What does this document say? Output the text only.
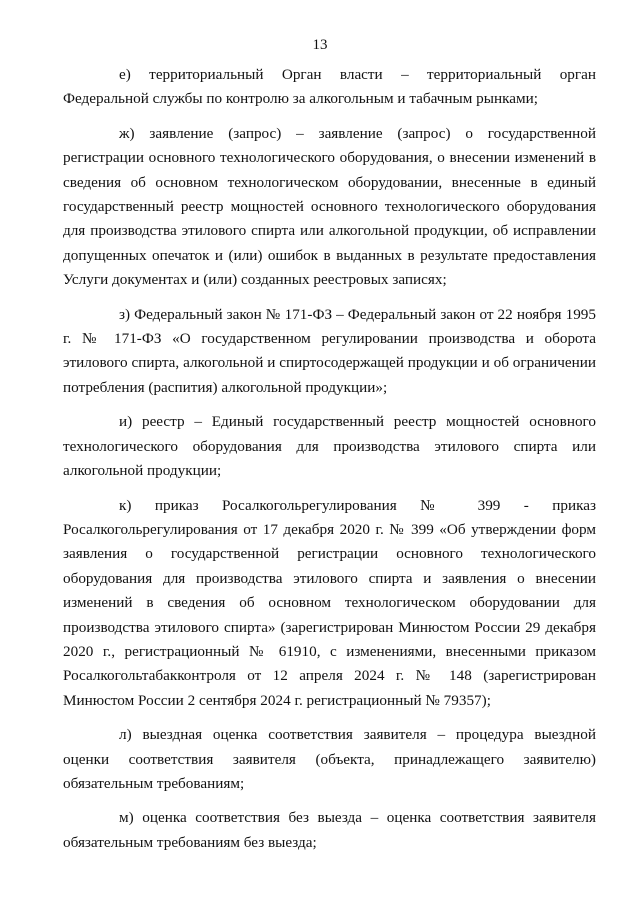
13

е) территориальный Орган власти – территориальный орган Федеральной службы по контролю за алкогольным и табачным рынками;

ж) заявление (запрос) – заявление (запрос) о государственной регистрации основного технологического оборудования, о внесении изменений в сведения об основном технологическом оборудовании, внесенные в единый государственный реестр мощностей основного технологического оборудования для производства этилового спирта или алкогольной продукции, об исправлении допущенных опечаток и (или) ошибок в выданных в результате предоставления Услуги документах и (или) созданных реестровых записях;

з) Федеральный закон № 171-ФЗ – Федеральный закон от 22 ноября 1995 г. № 171-ФЗ «О государственном регулировании производства и оборота этилового спирта, алкогольной и спиртосодержащей продукции и об ограничении потребления (распития) алкогольной продукции»;

и) реестр – Единый государственный реестр мощностей основного технологического оборудования для производства этилового спирта или алкогольной продукции;

к) приказ Росалкогольрегулирования № 399 - приказ Росалкогольрегулирования от 17 декабря 2020 г. № 399 «Об утверждении форм заявления о государственной регистрации основного технологического оборудования для производства этилового спирта и заявления о внесении изменений в сведения об основном технологическом оборудовании для производства этилового спирта» (зарегистрирован Минюстом России 29 декабря 2020 г., регистрационный № 61910, с изменениями, внесенными приказом Росалкогольтабакконтроля от 12 апреля 2024 г. № 148 (зарегистрирован Минюстом России 2 сентября 2024 г. регистрационный № 79357);

л) выездная оценка соответствия заявителя – процедура выездной оценки соответствия заявителя (объекта, принадлежащего заявителю) обязательным требованиям;

м) оценка соответствия без выезда – оценка соответствия заявителя обязательным требованиям без выезда;
